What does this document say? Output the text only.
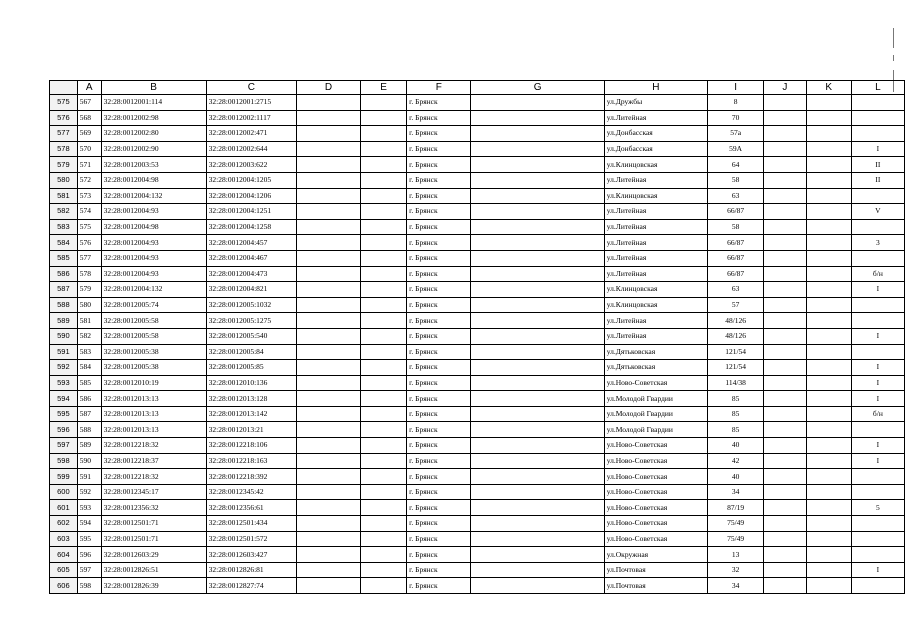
	A	B	C	D	E	F	G	H	I	J	K	L
575	567	32:28:0012001:114	32:28:0012001:2715			г. Брянск		ул.Дружбы	8			
576	568	32:28:0012002:98	32:28:0012002:1117			г. Брянск		ул.Литейная	70			
577	569	32:28:0012002:80	32:28:0012002:471			г. Брянск		ул.Донбасская	57а			
578	570	32:28:0012002:90	32:28:0012002:644			г. Брянск		ул.Донбасская	59А			I
579	571	32:28:0012003:53	32:28:0012003:622			г. Брянск		ул.Клинцовская	64			II
580	572	32:28:0012004:98	32:28:0012004:1205			г. Брянск		ул.Литейная	58			II
581	573	32:28:0012004:132	32:28:0012004:1206			г. Брянск		ул.Клинцовская	63			
582	574	32:28:0012004:93	32:28:0012004:1251			г. Брянск		ул.Литейная	66/87			V
583	575	32:28:0012004:98	32:28:0012004:1258			г. Брянск		ул.Литейная	58			
584	576	32:28:0012004:93	32:28:0012004:457			г. Брянск		ул.Литейная	66/87			3
585	577	32:28:0012004:93	32:28:0012004:467			г. Брянск		ул.Литейная	66/87			
586	578	32:28:0012004:93	32:28:0012004:473			г. Брянск		ул.Литейная	66/87			б/н
587	579	32:28:0012004:132	32:28:0012004:821			г. Брянск		ул.Клинцовская	63			I
588	580	32:28:0012005:74	32:28:0012005:1032			г. Брянск		ул.Клинцовская	57			
589	581	32:28:0012005:58	32:28:0012005:1275			г. Брянск		ул.Литейная	48/126			
590	582	32:28:0012005:58	32:28:0012005:540			г. Брянск		ул.Литейная	48/126			I
591	583	32:28:0012005:38	32:28:0012005:84			г. Брянск		ул.Дятьковская	121/54			
592	584	32:28:0012005:38	32:28:0012005:85			г. Брянск		ул.Дятьковская	121/54			I
593	585	32:28:0012010:19	32:28:0012010:136			г. Брянск		ул.Ново-Советская	114/38			I
594	586	32:28:0012013:13	32:28:0012013:128			г. Брянск		ул.Молодой Гвардии	85			I
595	587	32:28:0012013:13	32:28:0012013:142			г. Брянск		ул.Молодой Гвардии	85			б/н
596	588	32:28:0012013:13	32:28:0012013:21			г. Брянск		ул.Молодой Гвардии	85			
597	589	32:28:0012218:32	32:28:0012218:106			г. Брянск		ул.Ново-Советская	40			I
598	590	32:28:0012218:37	32:28:0012218:163			г. Брянск		ул.Ново-Советская	42			I
599	591	32:28:0012218:32	32:28:0012218:392			г. Брянск		ул.Ново-Советская	40			
600	592	32:28:0012345:17	32:28:0012345:42			г. Брянск		ул.Ново-Советская	34			
601	593	32:28:0012356:32	32:28:0012356:61			г. Брянск		ул.Ново-Советская	87/19			5
602	594	32:28:0012501:71	32:28:0012501:434			г. Брянск		ул.Ново-Советская	75/49			
603	595	32:28:0012501:71	32:28:0012501:572			г. Брянск		ул.Ново-Советская	75/49			
604	596	32:28:0012603:29	32:28:0012603:427			г. Брянск		ул.Окружная	13			
605	597	32:28:0012826:51	32:28:0012826:81			г. Брянск		ул.Почтовая	32			I
606	598	32:28:0012826:39	32:28:0012827:74			г. Брянск		ул.Почтовая	34			
